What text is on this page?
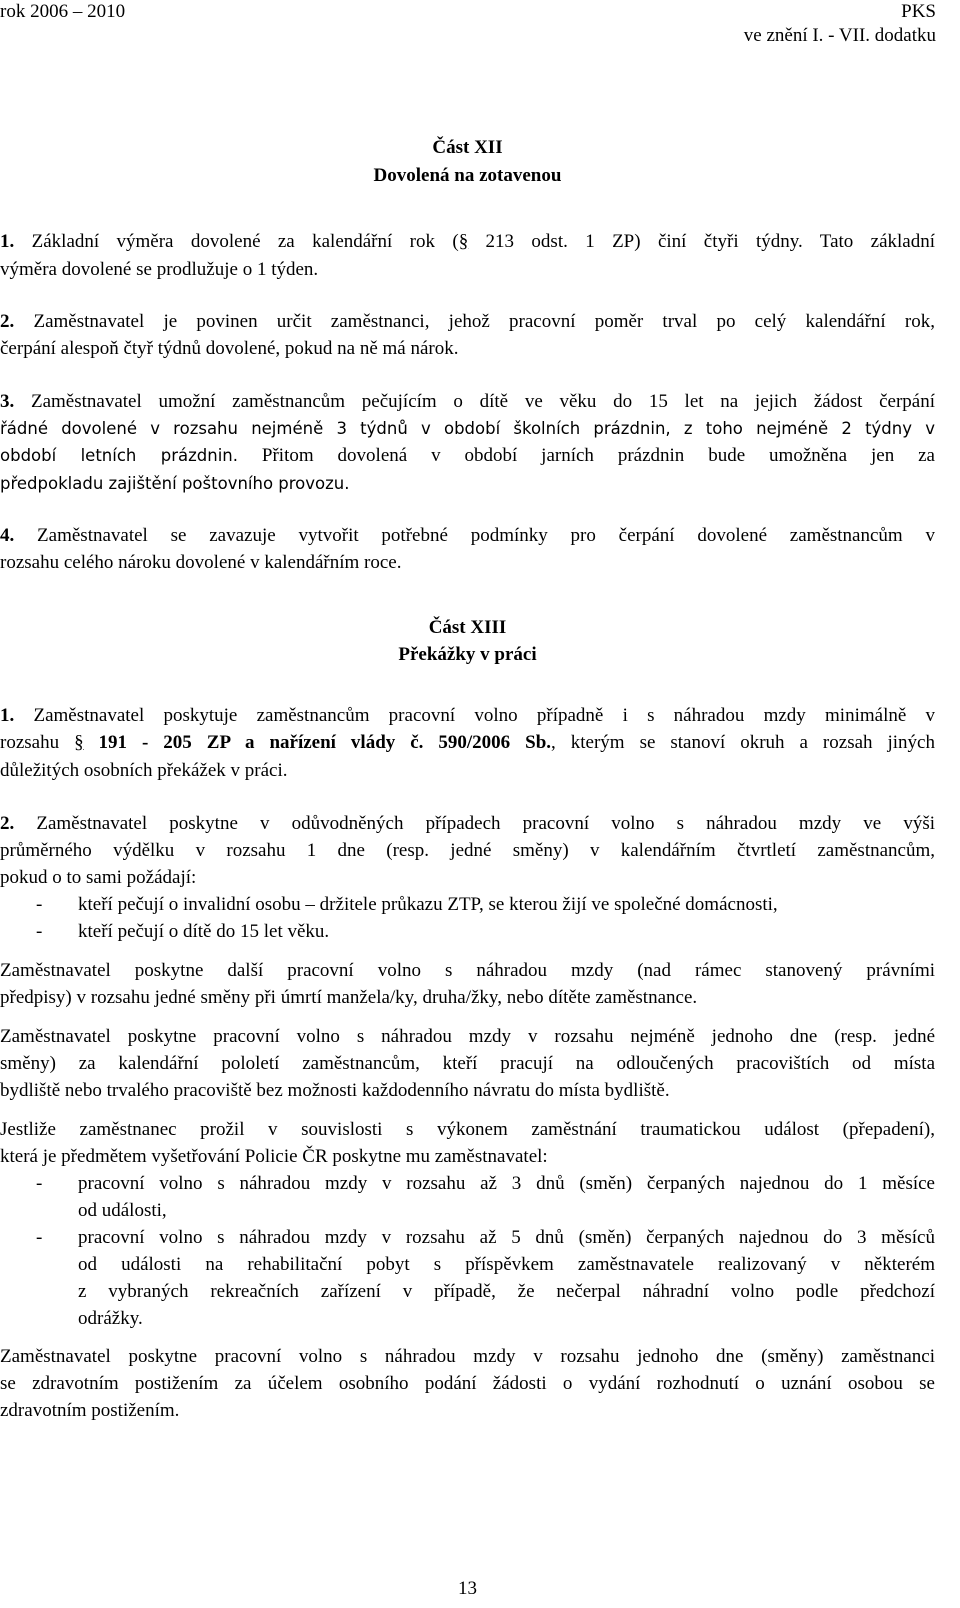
rok 2006 – 2010	PKS
ve znění I. - VII. dodatku
Část XII
Dovolená na zotavenou
1. Základní výměra dovolené za kalendářní rok (§ 213 odst. 1 ZP) činí čtyři týdny. Tato základní
výměra dovolené se prodlužuje o 1 týden.
2. Zaměstnavatel je povinen určit zaměstnanci, jehož pracovní poměr trval po celý kalendářní rok,
čerpání alespoň čtyř týdnů dovolené, pokud na ně má nárok.
3. Zaměstnavatel umožní zaměstnancům pečujícím o dítě ve věku do 15 let na jejich žádost čerpání
řádné dovolené v rozsahu nejméně 3 týdnů v období školních prázdnin, z toho nejméně 2 týdny v
období letních prázdnin. Přitom dovolená v období jarních prázdnin bude umožněna jen za
předpokladu zajištění poštovního provozu.
4. Zaměstnavatel se zavazuje vytvořit potřebné podmínky pro čerpání dovolené zaměstnancům v
rozsahu celého nároku dovolené v kalendářním roce.
Část XIII
Překážky v práci
1. Zaměstnavatel poskytuje zaměstnancům pracovní volno případně i s náhradou mzdy minimálně v
rozsahu § 191 - 205 ZP a nařízení vlády č. 590/2006 Sb., kterým se stanoví okruh a rozsah jiných
důležitých osobních překážek v práci.
2. Zaměstnavatel poskytne v odůvodněných případech pracovní volno s náhradou mzdy ve výši
průměrného výdělku v rozsahu 1 dne (resp. jedné směny) v kalendářním čtvrtletí zaměstnancům,
pokud o to sami požádají:
- kteří pečují o invalidní osobu – držitele průkazu ZTP, se kterou žijí ve společné domácnosti,
- kteří pečují o dítě do 15 let věku.
Zaměstnavatel poskytne další pracovní volno s náhradou mzdy (nad rámec stanovený právními
předpisy) v rozsahu jedné směny při úmrtí manžela/ky, druha/žky, nebo dítěte zaměstnance.
Zaměstnavatel poskytne pracovní volno s náhradou mzdy v rozsahu nejméně jednoho dne (resp. jedné
směny) za kalendářní pololetí zaměstnancům, kteří pracují na odloučených pracovištích od místa
bydliště nebo trvalého pracoviště bez možnosti každodenního návratu do místa bydliště.
Jestliže zaměstnanec prožil v souvislosti s výkonem zaměstnání traumatickou událost (přepadení),
která je předmětem vyšetřování Policie ČR poskytne mu zaměstnavatel:
- pracovní volno s náhradou mzdy v rozsahu až 3 dnů (směn) čerpaných najednou do 1 měsíce
od události,
- pracovní volno s náhradou mzdy v rozsahu až 5 dnů (směn) čerpaných najednou do 3 měsíců
od události na rehabilitační pobyt s příspěvkem zaměstnavatele realizovaný v některém
z vybraných rekreačních zařízení v případě, že nečerpal náhradní volno podle předchozí
odrážky.
Zaměstnavatel poskytne pracovní volno s náhradou mzdy v rozsahu jednoho dne (směny) zaměstnanci
se zdravotním postižením za účelem osobního podání žádosti o vydání rozhodnutí o uznání osobou se
zdravotním postižením.
13
